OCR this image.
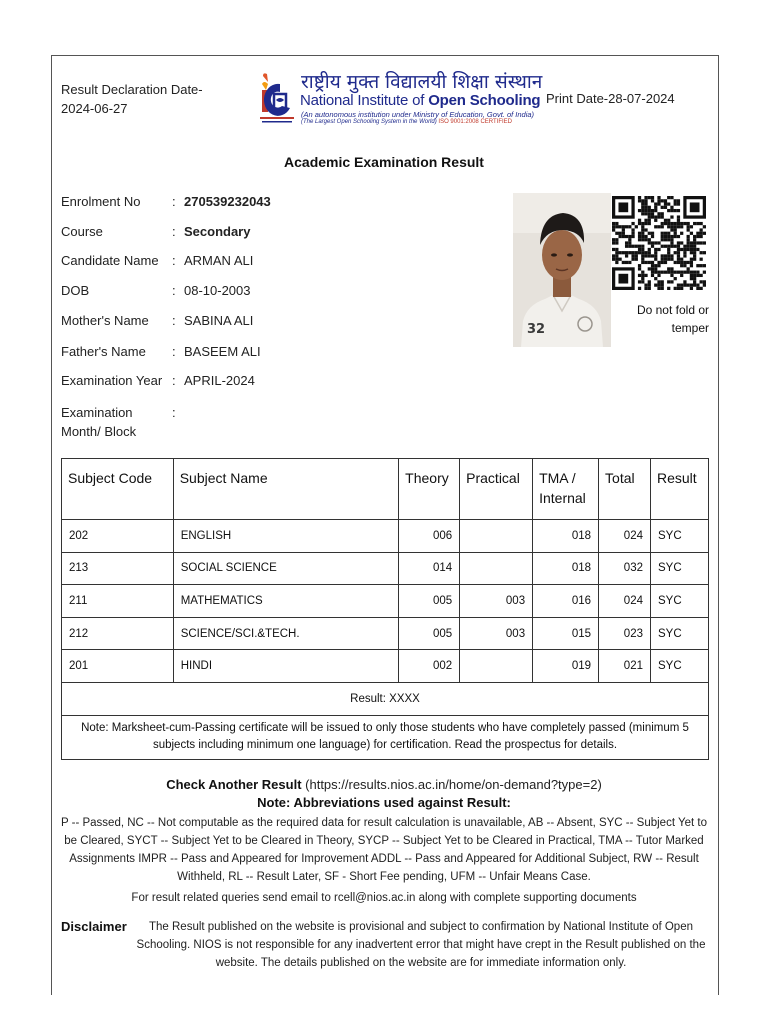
Result Declaration Date-
2024-06-27
राष्ट्रीय मुक्त विद्यालयी शिक्षा संस्थान
National Institute of Open Schooling
(An autonomous institution under Ministry of Education, Govt. of India)
(The Largest Open Schooling System in the World) ISO 9001:2008 CERTIFIED
Print Date-28-07-2024
Academic Examination Result
Enrolment No	: 270539232043
Course	: Secondary
Candidate Name	: ARMAN ALI
DOB	: 08-10-2003
Mother's Name	: SABINA ALI
Father's Name	: BASEEM ALI
Examination Year : APRIL-2024
Examination
Month/ Block
:
32
Do not fold or
temper
Subject Code	Subject Name	Theory	Practical	TMA / Internal	Total	Result
202	ENGLISH	006		018	024	SYC
213	SOCIAL SCIENCE	014		018	032	SYC
211	MATHEMATICS	005	003	016	024	SYC
212	SCIENCE/SCI.&TECH.	005	003	015	023	SYC
201	HINDI	002		019	021	SYC
Result: XXXX						
Note: Marksheet-cum-Passing certificate will be issued to only those students who have completely passed (minimum 5 subjects including minimum one language) for certification. Read the prospectus for details.						
Check Another Result (https://results.nios.ac.in/home/on-demand?type=2)
Note: Abbreviations used against Result:
P -- Passed, NC -- Not computable as the required data for result calculation is unavailable, AB -- Absent, SYC -- Subject Yet to be Cleared, SYCT -- Subject Yet to be Cleared in Theory, SYCP -- Subject Yet to be Cleared in Practical, TMA -- Tutor Marked Assignments IMPR -- Pass and Appeared for Improvement ADDL -- Pass and Appeared for Additional Subject, RW -- Result Withheld, RL -- Result Later, SF - Short Fee pending, UFM -- Unfair Means Case.
For result related queries send email to rcell@nios.ac.in along with complete supporting documents
Disclaimer	The Result published on the website is provisional and subject to confirmation by National Institute of Open Schooling. NIOS is not responsible for any inadvertent error that might have crept in the Result published on the website. The details published on the website are for immediate information only.
